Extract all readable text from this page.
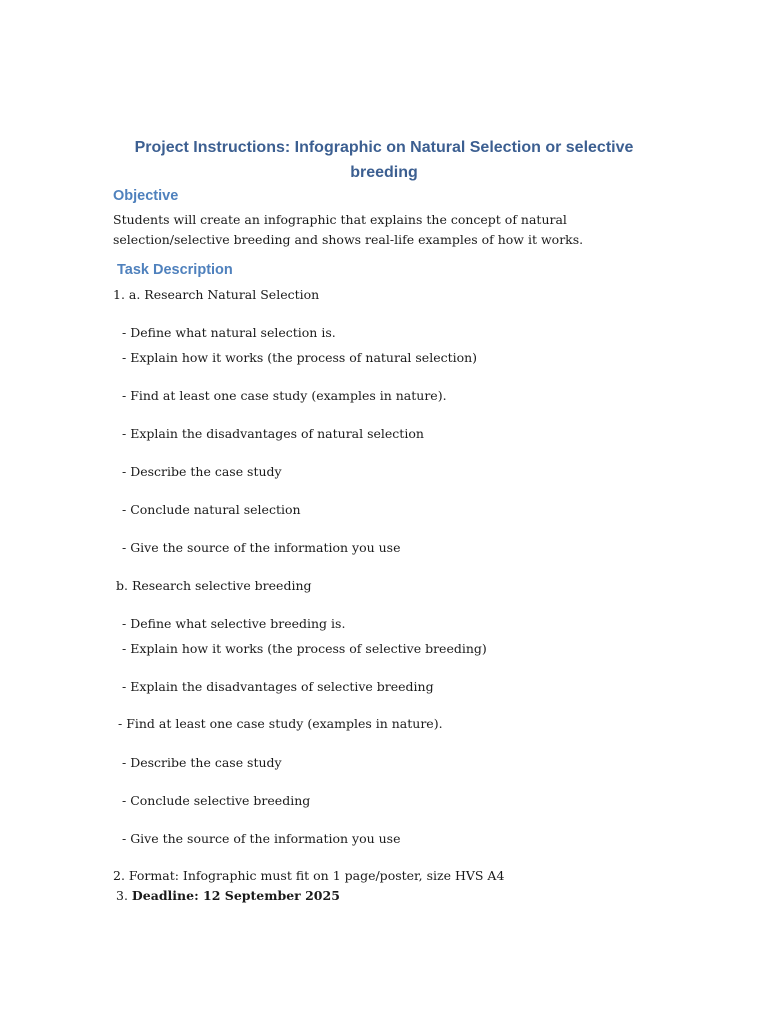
Project Instructions: Infographic on Natural Selection or selective breeding
Objective

Students will create an infographic that explains the concept of natural selection/selective breeding and shows real-life examples of how it works.

Task Description

1. a. Research Natural Selection

- Define what natural selection is.

- Explain how it works (the process of natural selection)

- Find at least one case study (examples in nature).

- Explain the disadvantages of natural selection

- Describe the case study

- Conclude natural selection

- Give the source of the information you use

b. Research selective breeding

- Define what selective breeding is.

- Explain how it works (the process of selective breeding)

- Explain the disadvantages of selective breeding

- Find at least one case study (examples in nature).

- Describe the case study

- Conclude selective breeding

- Give the source of the information you use

2. Format: Infographic must fit on 1 page/poster, size HVS A4

3. Deadline: 12 September 2025
